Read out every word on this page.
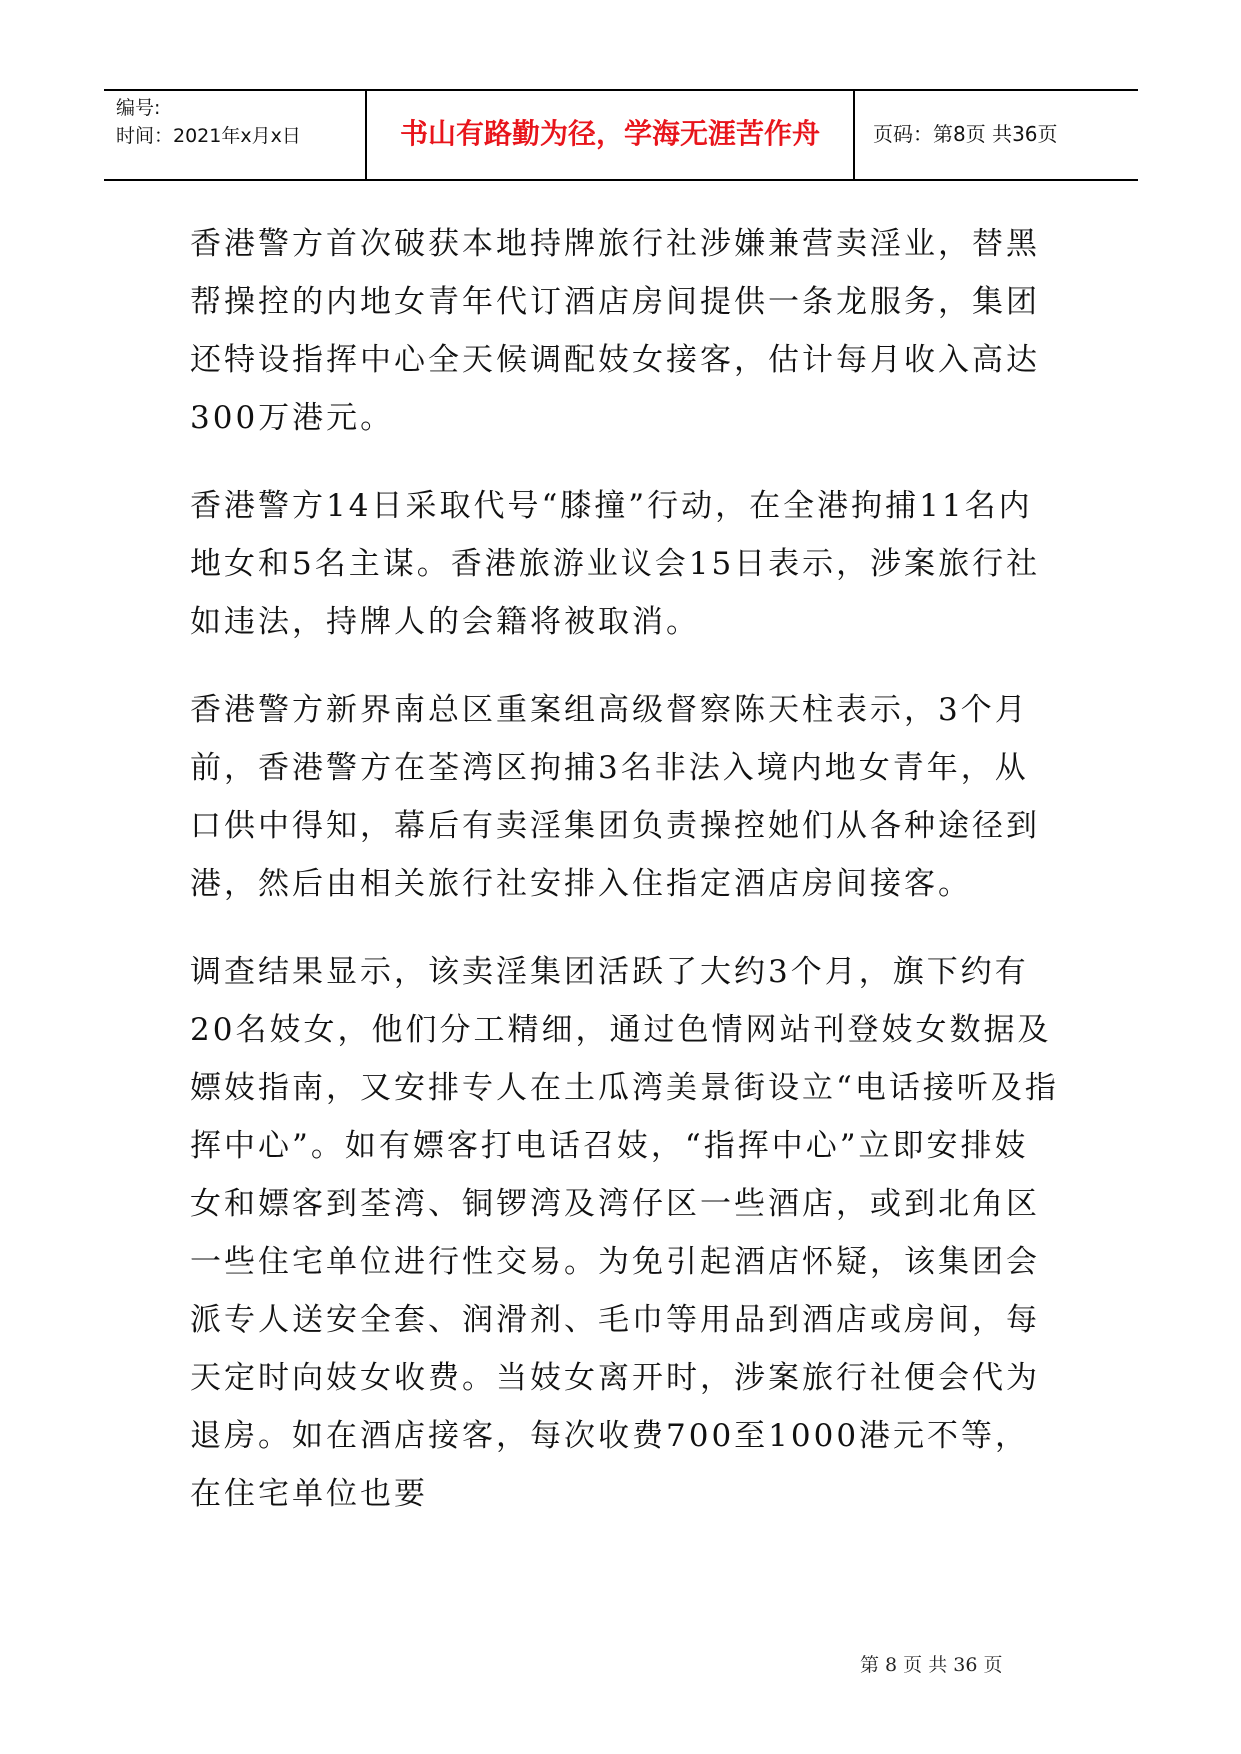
编号:
时间：2021年x月x日	书山有路勤为径，学海无涯苦作舟	页码：第8页 共36页

香港警方首次破获本地持牌旅行社涉嫌兼营卖淫业，替黑帮操控的内地女青年代订酒店房间提供一条龙服务，集团还特设指挥中心全天候调配妓女接客，估计每月收入高达300万港元。

香港警方14日采取代号“膝撞”行动，在全港拘捕11名内地女和5名主谋。香港旅游业议会15日表示，涉案旅行社如违法，持牌人的会籍将被取消。

香港警方新界南总区重案组高级督察陈天柱表示，3个月前，香港警方在荃湾区拘捕3名非法入境内地女青年，从口供中得知，幕后有卖淫集团负责操控她们从各种途径到港，然后由相关旅行社安排入住指定酒店房间接客。

调查结果显示，该卖淫集团活跃了大约3个月，旗下约有20名妓女，他们分工精细，通过色情网站刊登妓女数据及嫖妓指南，又安排专人在土瓜湾美景街设立“电话接听及指挥中心”。如有嫖客打电话召妓，“指挥中心”立即安排妓女和嫖客到荃湾、铜锣湾及湾仔区一些酒店，或到北角区一些住宅单位进行性交易。为免引起酒店怀疑，该集团会派专人送安全套、润滑剂、毛巾等用品到酒店或房间，每天定时向妓女收费。当妓女离开时，涉案旅行社便会代为退房。如在酒店接客，每次收费700至1000港元不等，在住宅单位也要

第 8 页 共 36 页
